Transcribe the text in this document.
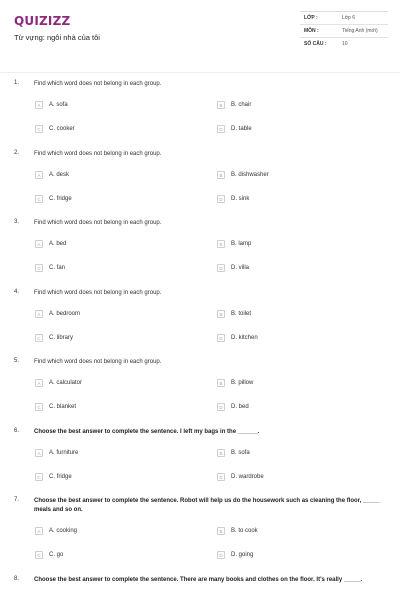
QUIZIZZ
Từ vựng: ngôi nhà của tôi
LỚP :	Lớp 6
MÔN :	Tiếng Anh (mới)
SỐ CÂU :	10
1. Find which word does not belong in each group.
A	A. sofa	B	B. chair
C	C. cooker	D	D. table
2. Find which word does not belong in each group.
A	A. desk	B	B. dishwasher
C	C. fridge	D	D. sink
3. Find which word does not belong in each group.
A	A. bed	B	B. lamp
C	C. fan	D	D. villa
4. Find which word does not belong in each group.
A	A. bedroom	B	B. toilet
C	C. library	D	D. kitchen
5. Find which word does not belong in each group.
A	A. calculator	B	B. pillow
C	C. blanket	D	D. bed
6. Choose the best answer to complete the sentence. I left my bags in the ______.
A	A. furniture	B	B. sofa
C	C. fridge	D	D. wardrobe
7. Choose the best answer to complete the sentence. Robot will help us do the housework such as cleaning the floor, _____ meals and so on.
A	A. cooking	B	B. to cook
C	C. go	D	D. going
8. Choose the best answer to complete the sentence. There are many books and clothes on the floor. It's really _____.
